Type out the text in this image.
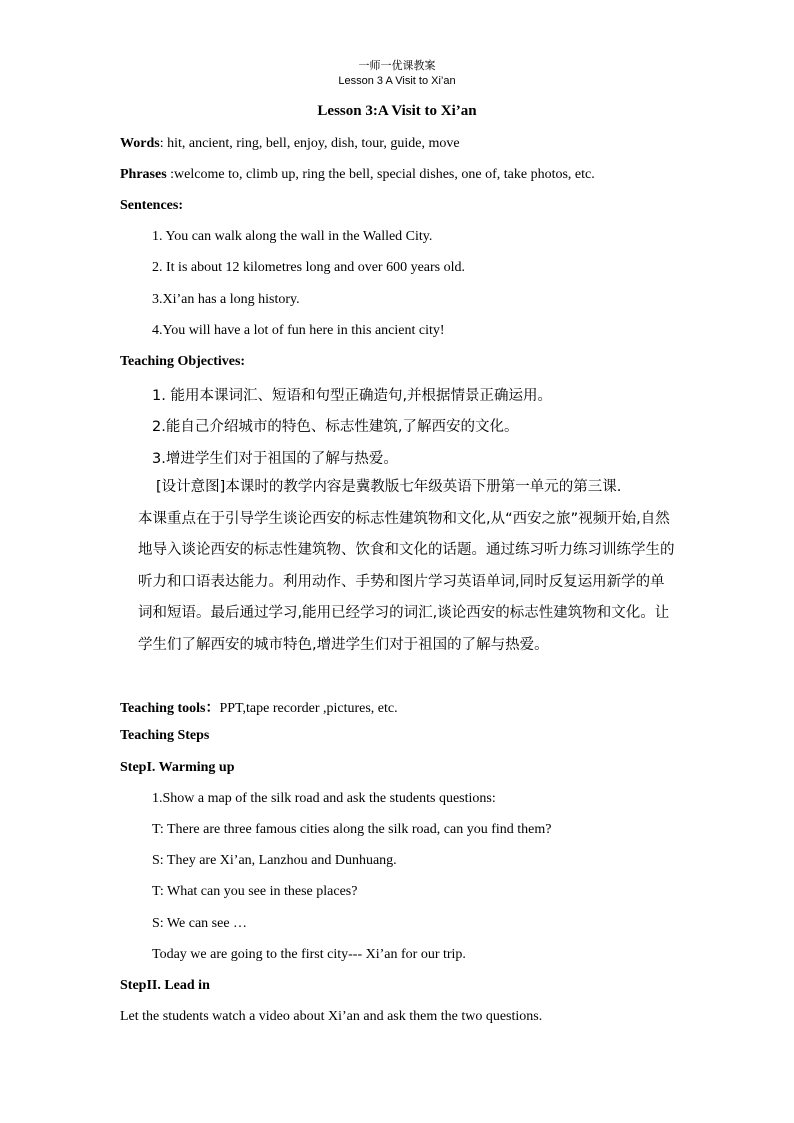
一师一优课教案
Lesson 3 A Visit to Xi’an
Lesson 3:A Visit to Xi’an
Words: hit, ancient, ring, bell, enjoy, dish, tour, guide, move
Phrases :welcome to, climb up, ring the bell, special dishes, one of, take photos, etc.
Sentences:
1. You can walk along the wall in the Walled City.
2. It is about 12 kilometres long and over 600 years old.
3.Xi’an has a long history.
4.You will have a lot of fun here in this ancient city!
Teaching Objectives:
1. 能用本课词汇、短语和句型正确造句,并根据情景正确运用。
2.能自己介绍城市的特色、标志性建筑,了解西安的文化。
3.增进学生们对于祖国的了解与热爱。
[设计意图]本课时的教学内容是冀教版七年级英语下册第一单元的第三课.
本课重点在于引导学生谈论西安的标志性建筑物和文化,从“西安之旅”视频开始,自然地导入谈论西安的标志性建筑物、饮食和文化的话题。通过练习听力练习训练学生的听力和口语表达能力。利用动作、手势和图片学习英语单词,同时反复运用新学的单词和短语。最后通过学习,能用已经学习的词汇,谈论西安的标志性建筑物和文化。让学生们了解西安的城市特色,增进学生们对于祖国的了解与热爱。
Teaching tools：PPT,tape recorder ,pictures, etc.
Teaching Steps
StepI. Warming up
1.Show a map of the silk road and ask the students questions:
T: There are three famous cities along the silk road, can you find them?
S: They are Xi’an, Lanzhou and Dunhuang.
T: What can you see in these places?
S: We can see …
Today we are going to the first city--- Xi’an for our trip.
StepII. Lead in
Let the students watch a video about Xi’an and ask them the two questions.
